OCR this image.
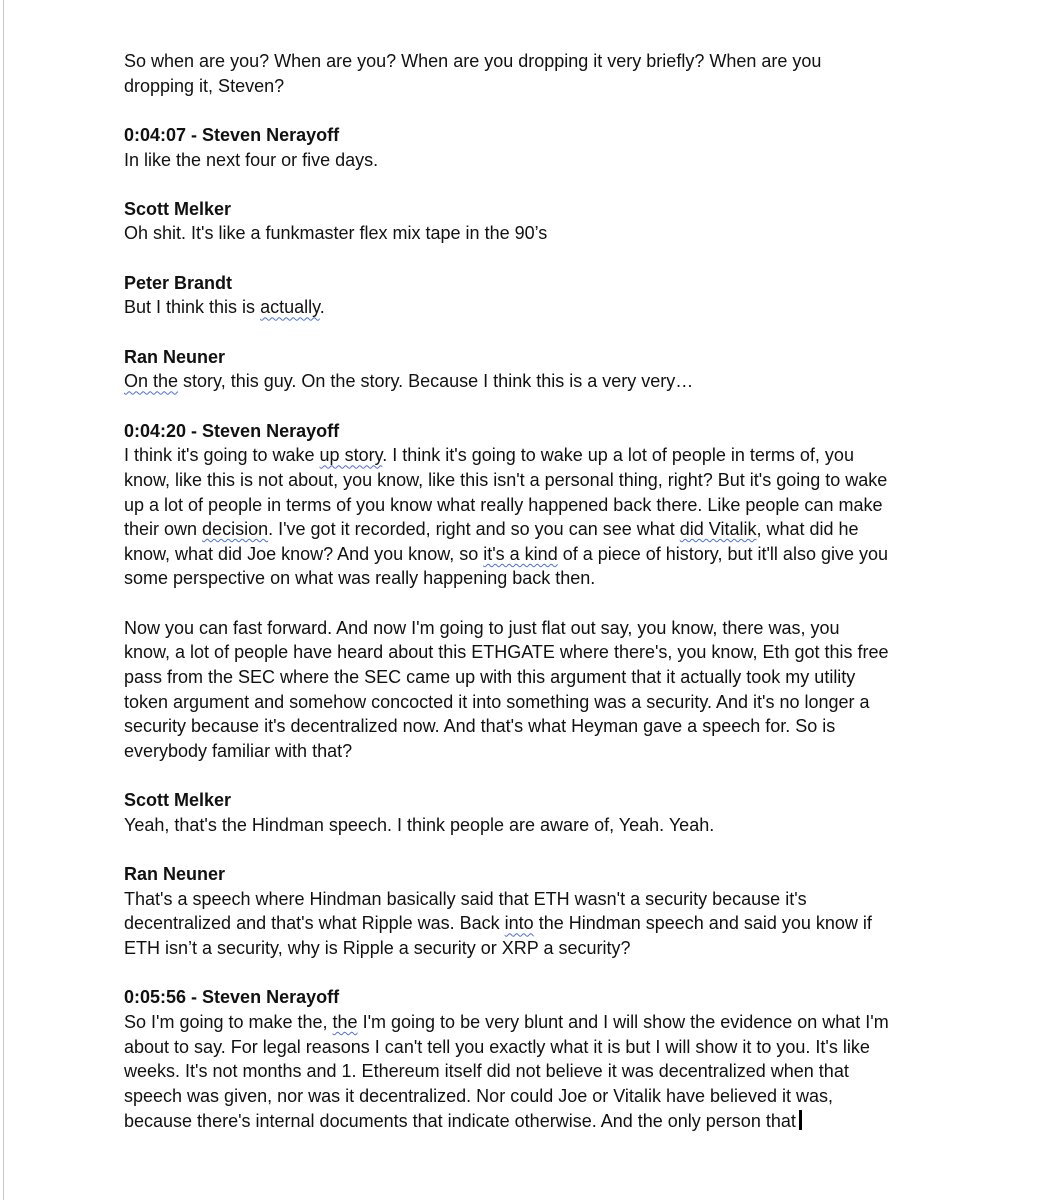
So when are you? When are you? When are you dropping it very briefly? When are you
dropping it, Steven?
0:04:07 - Steven Nerayoff
In like the next four or five days.
Scott Melker
Oh shit. It's like a funkmaster flex mix tape in the 90’s
Peter Brandt
But I think this is actually.
Ran Neuner
On the story, this guy. On the story. Because I think this is a very very…
0:04:20 - Steven Nerayoff
I think it's going to wake up story. I think it's going to wake up a lot of people in terms of, you
know, like this is not about, you know, like this isn't a personal thing, right? But it's going to wake
up a lot of people in terms of you know what really happened back there. Like people can make
their own decision. I've got it recorded, right and so you can see what did Vitalik, what did he
know, what did Joe know? And you know, so it's a kind of a piece of history, but it'll also give you
some perspective on what was really happening back then.
Now you can fast forward. And now I'm going to just flat out say, you know, there was, you
know, a lot of people have heard about this ETHGATE where there's, you know, Eth got this free
pass from the SEC where the SEC came up with this argument that it actually took my utility
token argument and somehow concocted it into something was a security. And it's no longer a
security because it's decentralized now. And that's what Heyman gave a speech for. So is
everybody familiar with that?
Scott Melker
Yeah, that's the Hindman speech. I think people are aware of, Yeah. Yeah.
Ran Neuner
That's a speech where Hindman basically said that ETH wasn't a security because it's
decentralized and that's what Ripple was. Back into the Hindman speech and said you know if
ETH isn’t a security, why is Ripple a security or XRP a security?
0:05:56 - Steven Nerayoff
So I'm going to make the, the I'm going to be very blunt and I will show the evidence on what I'm
about to say. For legal reasons I can't tell you exactly what it is but I will show it to you. It's like
weeks. It's not months and 1. Ethereum itself did not believe it was decentralized when that
speech was given, nor was it decentralized. Nor could Joe or Vitalik have believed it was,
because there's internal documents that indicate otherwise. And the only person that
